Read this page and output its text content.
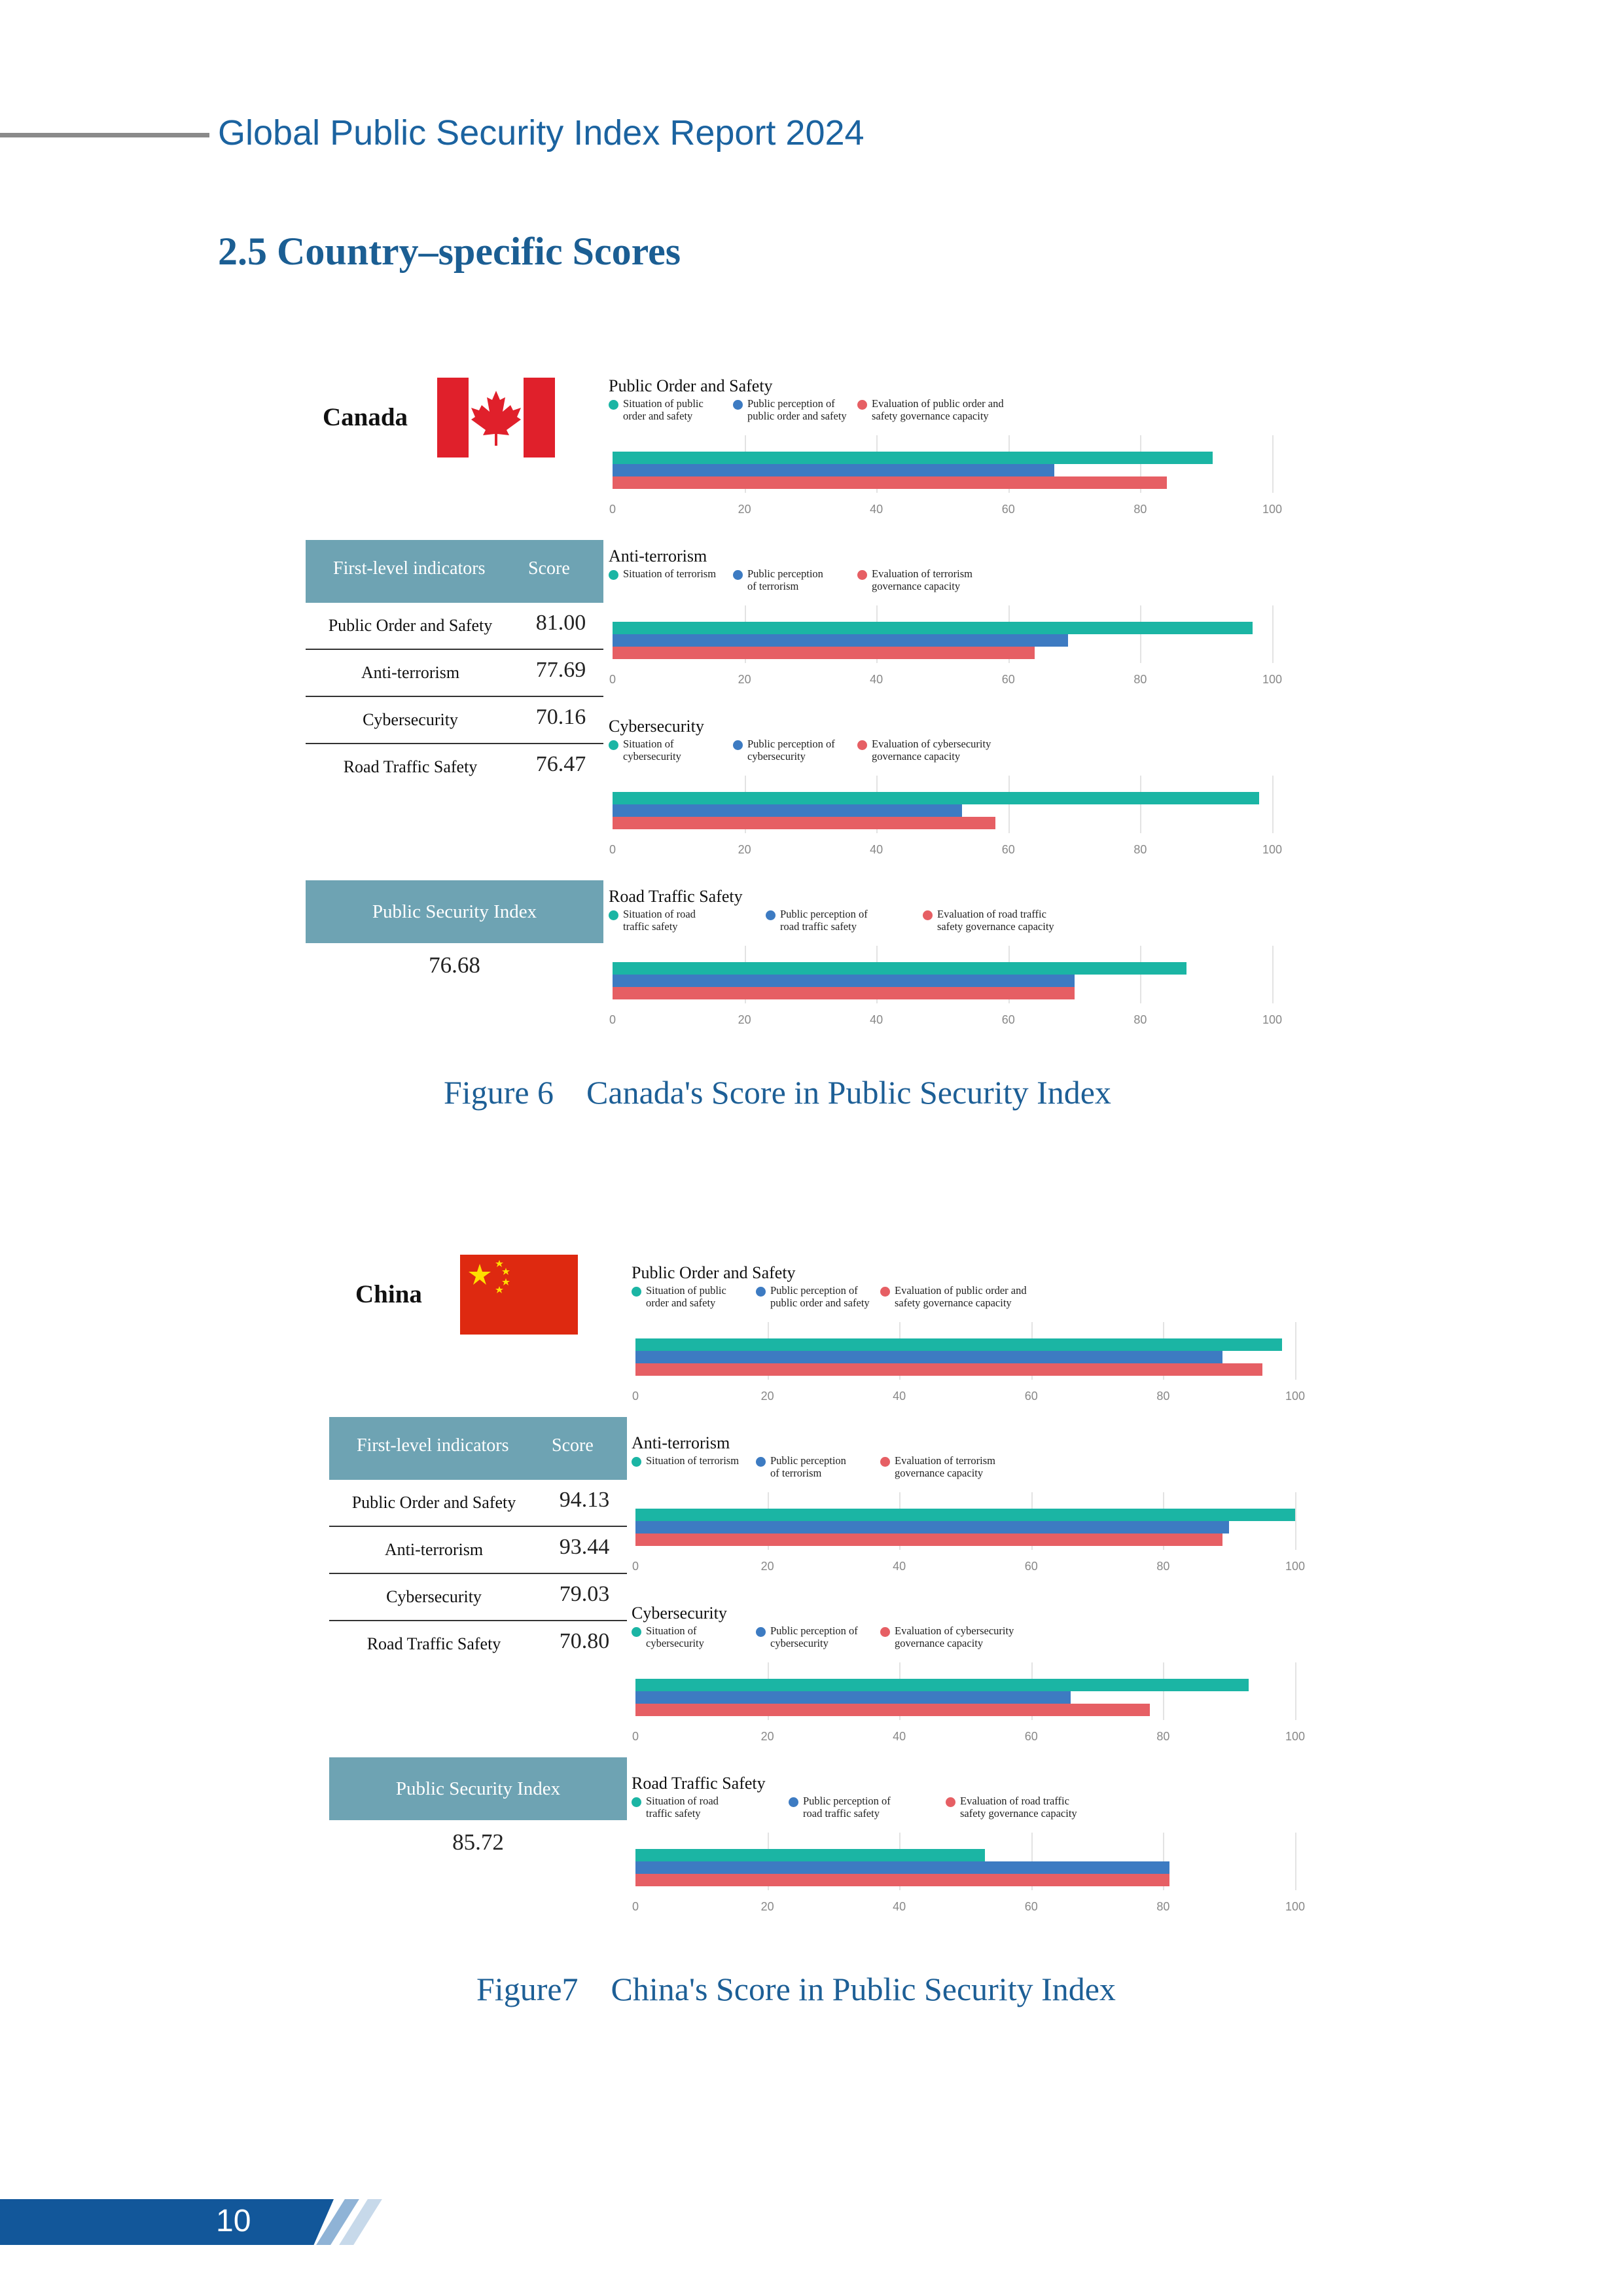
Global Public Security Index Report 2024
2.5 Country–specific Scores
Canada
First-level indicators Score
Public Order and Safety	81.00
Anti-terrorism	77.69
Cybersecurity	70.16
Road Traffic Safety	76.47
Public Security Index
76.68
Public Order and Safety
Situation of public
order and safety
Public perception of
public order and safety
Evaluation of public order and
safety governance capacity
0	20	40	60	80	100
Anti-terrorism
Situation of terrorism	Public perception
of terrorism
Evaluation of terrorism
governance capacity
0	20	40	60	80	100
Cybersecurity
Situation of
cybersecurity
Public perception of
cybersecurity
Evaluation of cybersecurity
governance capacity
0	20	40	60	80	100
Road Traffic Safety
Situation of road
traffic safety
Public perception of
road traffic safety
Evaluation of road traffic
safety governance capacity
0	20	40	60	80	100
Figure 6 Canada's Score in Public Security Index
China
First-level indicators Score
Public Order and Safety	94.13
Anti-terrorism	93.44
Cybersecurity	79.03
Road Traffic Safety	70.80
Public Security Index
85.72
Public Order and Safety
Situation of public
order and safety
Public perception of
public order and safety
Evaluation of public order and
safety governance capacity
0	20	40	60	80	100
Anti-terrorism
Situation of terrorism	Public perception
of terrorism
Evaluation of terrorism
governance capacity
0	20	40	60	80	100
Cybersecurity
Situation of
cybersecurity
Public perception of
cybersecurity
Evaluation of cybersecurity
governance capacity
0	20	40	60	80	100
Road Traffic Safety
Situation of road
traffic safety
Public perception of
road traffic safety
Evaluation of road traffic
safety governance capacity
0	20	40	60	80	100
Figure7 China's Score in Public Security Index
10
